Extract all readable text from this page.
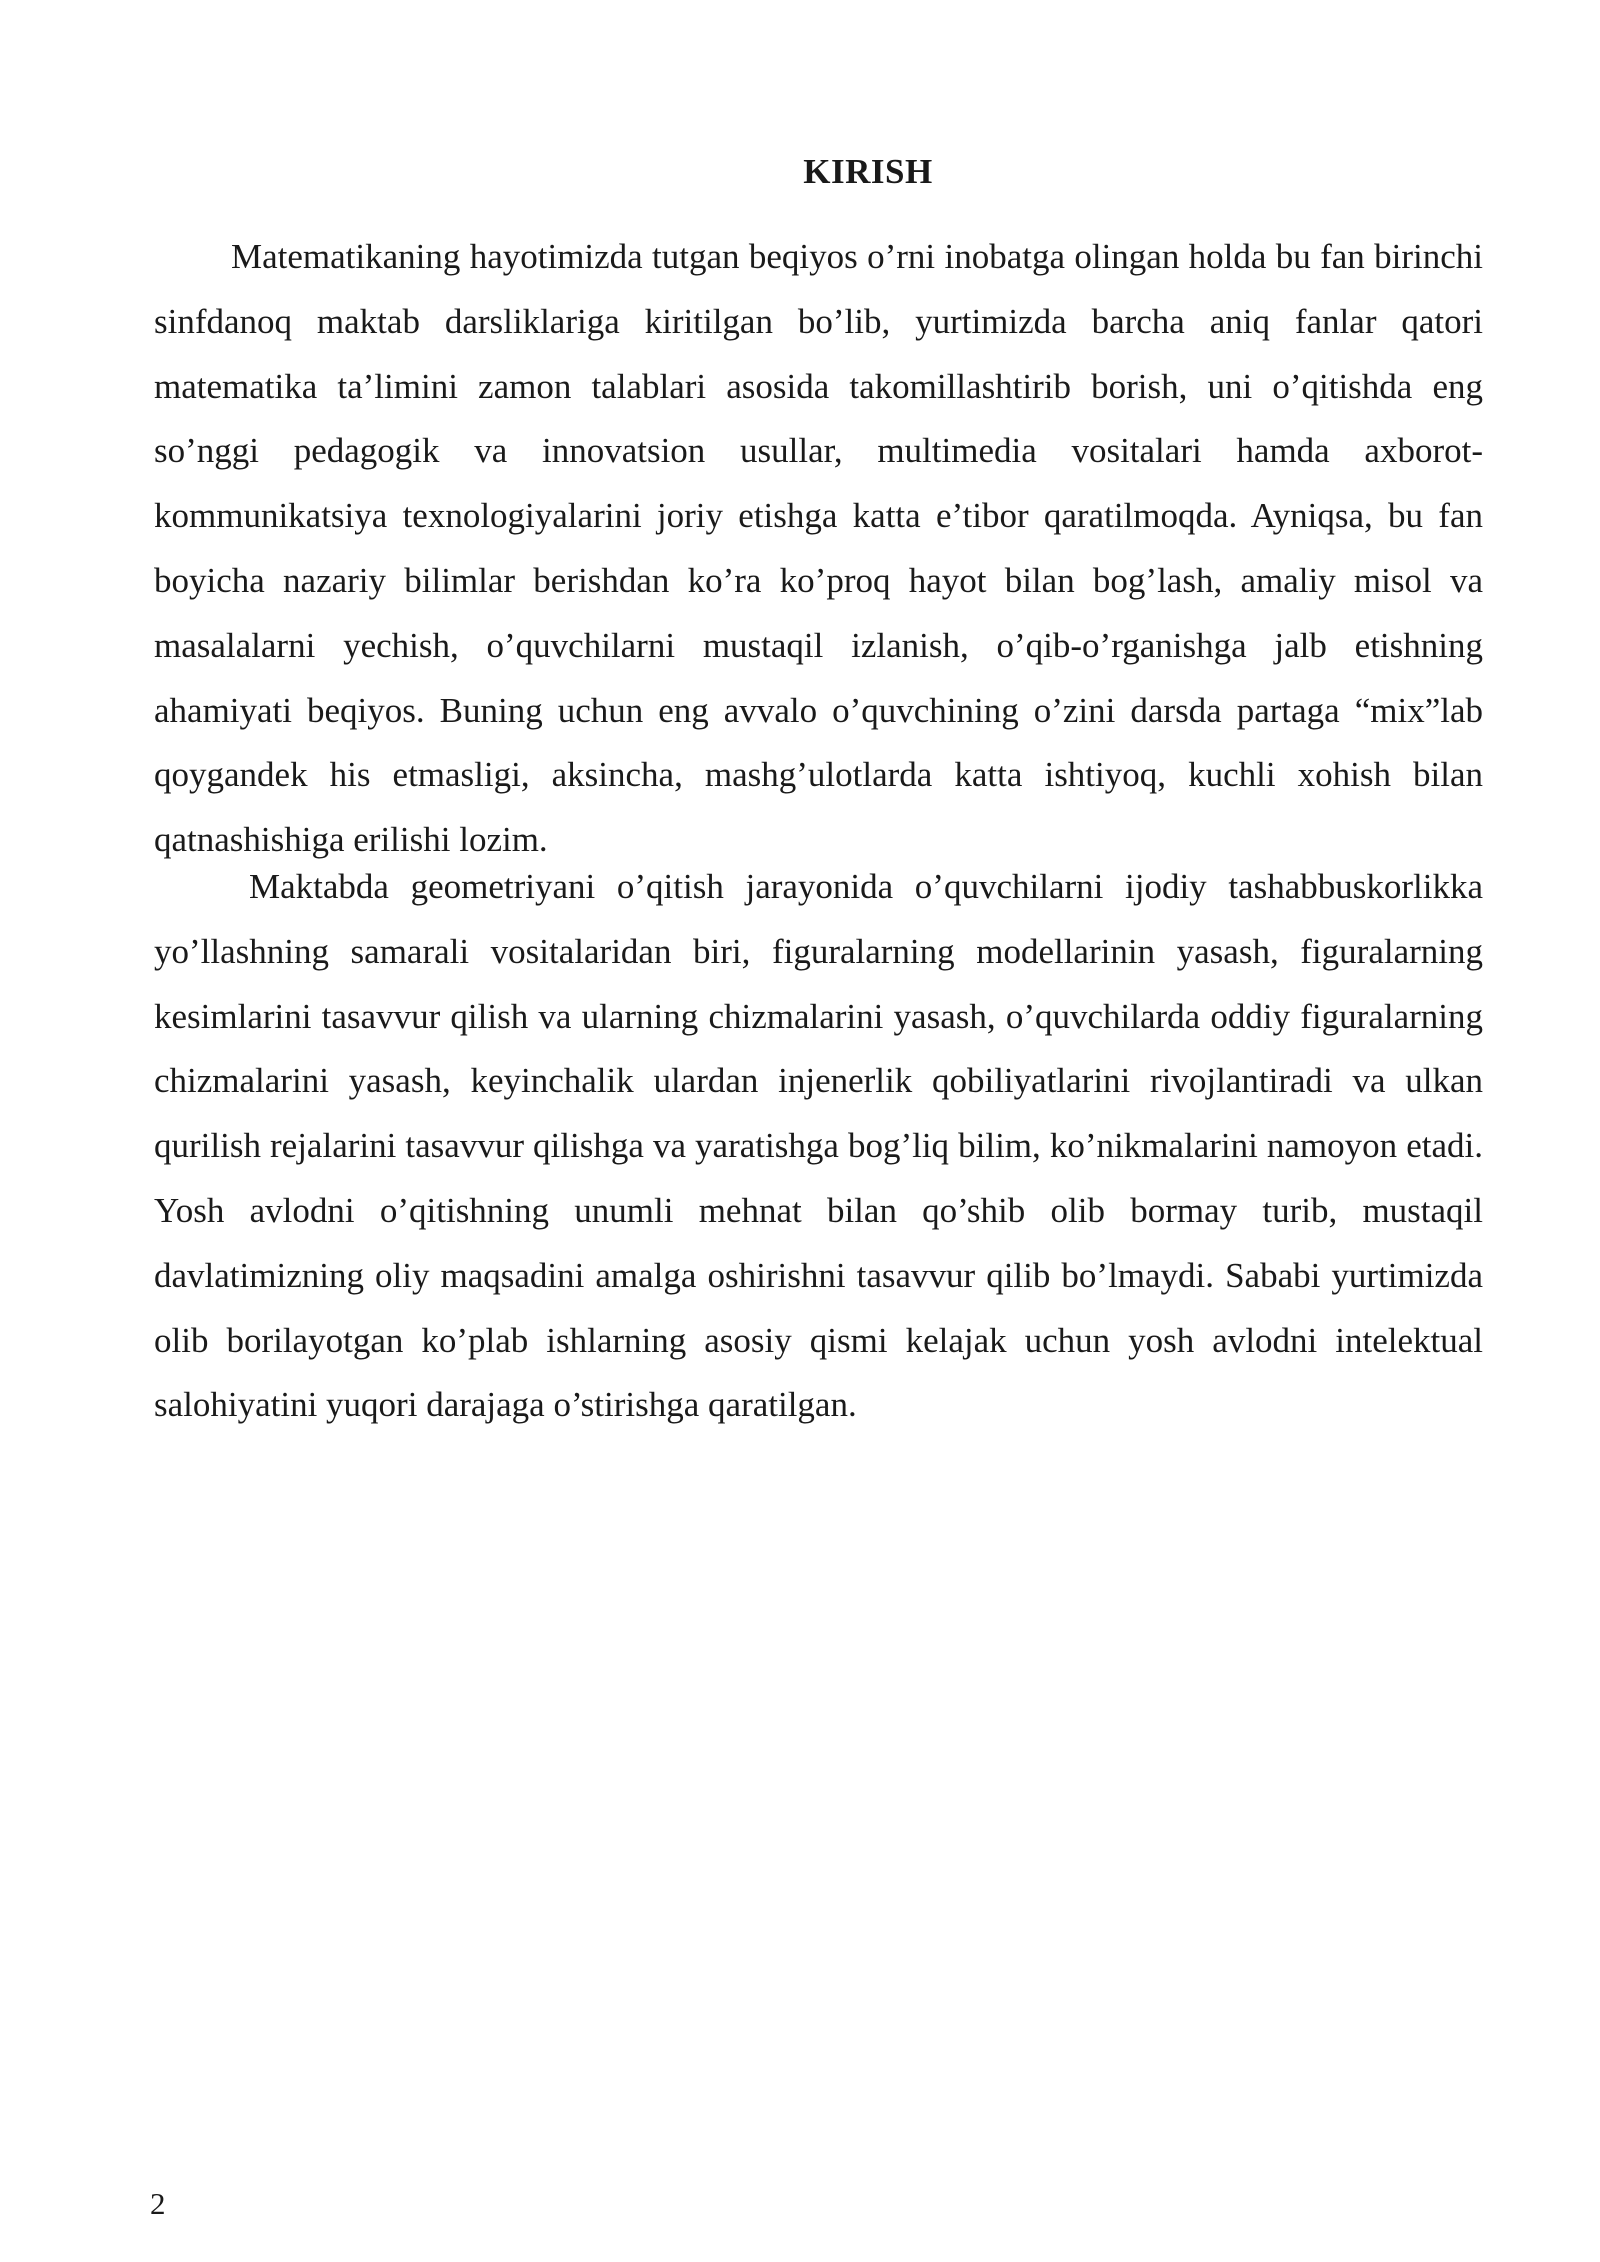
KIRISH

Matematikaning hayotimizda tutgan beqiyos o’rni inobatga olingan holda bu fan birinchi sinfdanoq maktab darsliklariga kiritilgan bo’lib, yurtimizda barcha aniq fanlar qatori matematika ta’limini zamon talablari asosida takomillashtirib borish, uni o’qitishda eng so’nggi pedagogik va innovatsion usullar, multimedia vositalari hamda axborot-kommunikatsiya texnologiyalarini joriy etishga katta e’tibor qaratilmoqda. Ayniqsa, bu fan boyicha nazariy bilimlar berishdan ko’ra ko’proq hayot bilan bog’lash, amaliy misol va masalalarni yechish, o’quvchilarni mustaqil izlanish, o’qib-o’rganishga jalb etishning ahamiyati beqiyos. Buning uchun eng avvalo o’quvchining o’zini darsda partaga “mix”lab qoygandek his etmasligi, aksincha, mashg’ulotlarda katta ishtiyoq, kuchli xohish bilan qatnashishiga erilishi lozim.

Maktabda geometriyani o’qitish jarayonida o’quvchilarni ijodiy tashabbuskorlikka yo’llashning samarali vositalaridan biri, figuralarning modellarinin yasash, figuralarning kesimlarini tasavvur qilish va ularning chizmalarini yasash, o’quvchilarda oddiy figuralarning chizmalarini yasash, keyinchalik ulardan injenerlik qobiliyatlarini rivojlantiradi va ulkan qurilish rejalarini tasavvur qilishga va yaratishga bog’liq bilim, ko’nikmalarini namoyon etadi. Yosh avlodni o’qitishning unumli mehnat bilan qo’shib olib bormay turib, mustaqil davlatimizning oliy maqsadini amalga oshirishni tasavvur qilib bo’lmaydi. Sababi yurtimizda olib borilayotgan ko’plab ishlarning asosiy qismi kelajak uchun yosh avlodni intelektual salohiyatini yuqori darajaga o’stirishga qaratilgan.

2
